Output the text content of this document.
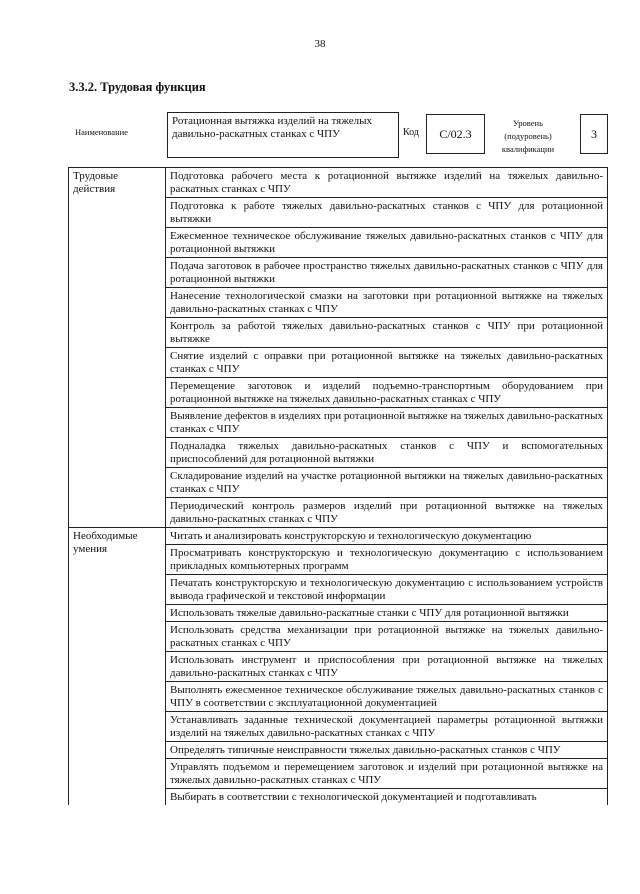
38
3.3.2. Трудовая функция
Наименование
Ротационная вытяжка изделий на тяжелых давильно-раскатных станках с ЧПУ	Код	C/02.3
Уровень (подуровень) квалификации
3
Трудовые действия	Подготовка рабочего места к ротационной вытяжке изделий на тяжелых давильно-раскатных станках с ЧПУ
	Подготовка к работе тяжелых давильно-раскатных станков с ЧПУ для ротационной вытяжки
	Ежесменное техническое обслуживание тяжелых давильно-раскатных станков с ЧПУ для ротационной вытяжки
	Подача заготовок в рабочее пространство тяжелых давильно-раскатных станков с ЧПУ для ротационной вытяжки
	Нанесение технологической смазки на заготовки при ротационной вытяжке на тяжелых давильно-раскатных станках с ЧПУ
	Контроль за работой тяжелых давильно-раскатных станков с ЧПУ при ротационной вытяжке
	Снятие изделий с оправки при ротационной вытяжке на тяжелых давильно-раскатных станках с ЧПУ
	Перемещение заготовок и изделий подъемно-транспортным оборудованием при ротационной вытяжке на тяжелых давильно-раскатных станках с ЧПУ
	Выявление дефектов в изделиях при ротационной вытяжке на тяжелых давильно-раскатных станках с ЧПУ
	Подналадка тяжелых давильно-раскатных станков с ЧПУ и вспомогательных приспособлений для ротационной вытяжки
	Складирование изделий на участке ротационной вытяжки на тяжелых давильно-раскатных станках с ЧПУ
	Периодический контроль размеров изделий при ротационной вытяжке на тяжелых давильно-раскатных станках с ЧПУ
Необходимые умения	Читать и анализировать конструкторскую и технологическую документацию
	Просматривать конструкторскую и технологическую документацию с использованием прикладных компьютерных программ
	Печатать конструкторскую и технологическую документацию с использованием устройств вывода графической и текстовой информации
	Использовать тяжелые давильно-раскатные станки с ЧПУ для ротационной вытяжки
	Использовать средства механизации при ротационной вытяжке на тяжелых давильно-раскатных станках с ЧПУ
	Использовать инструмент и приспособления при ротационной вытяжке на тяжелых давильно-раскатных станках с ЧПУ
	Выполнять ежесменное техническое обслуживание тяжелых давильно-раскатных станков с ЧПУ в соответствии с эксплуатационной документацией
	Устанавливать заданные технической документацией параметры ротационной вытяжки изделий на тяжелых давильно-раскатных станках с ЧПУ
	Определять типичные неисправности тяжелых давильно-раскатных станков с ЧПУ
	Управлять подъемом и перемещением заготовок и изделий при ротационной вытяжке на тяжелых давильно-раскатных станках с ЧПУ
	Выбирать в соответствии с технологической документацией и подготавливать
